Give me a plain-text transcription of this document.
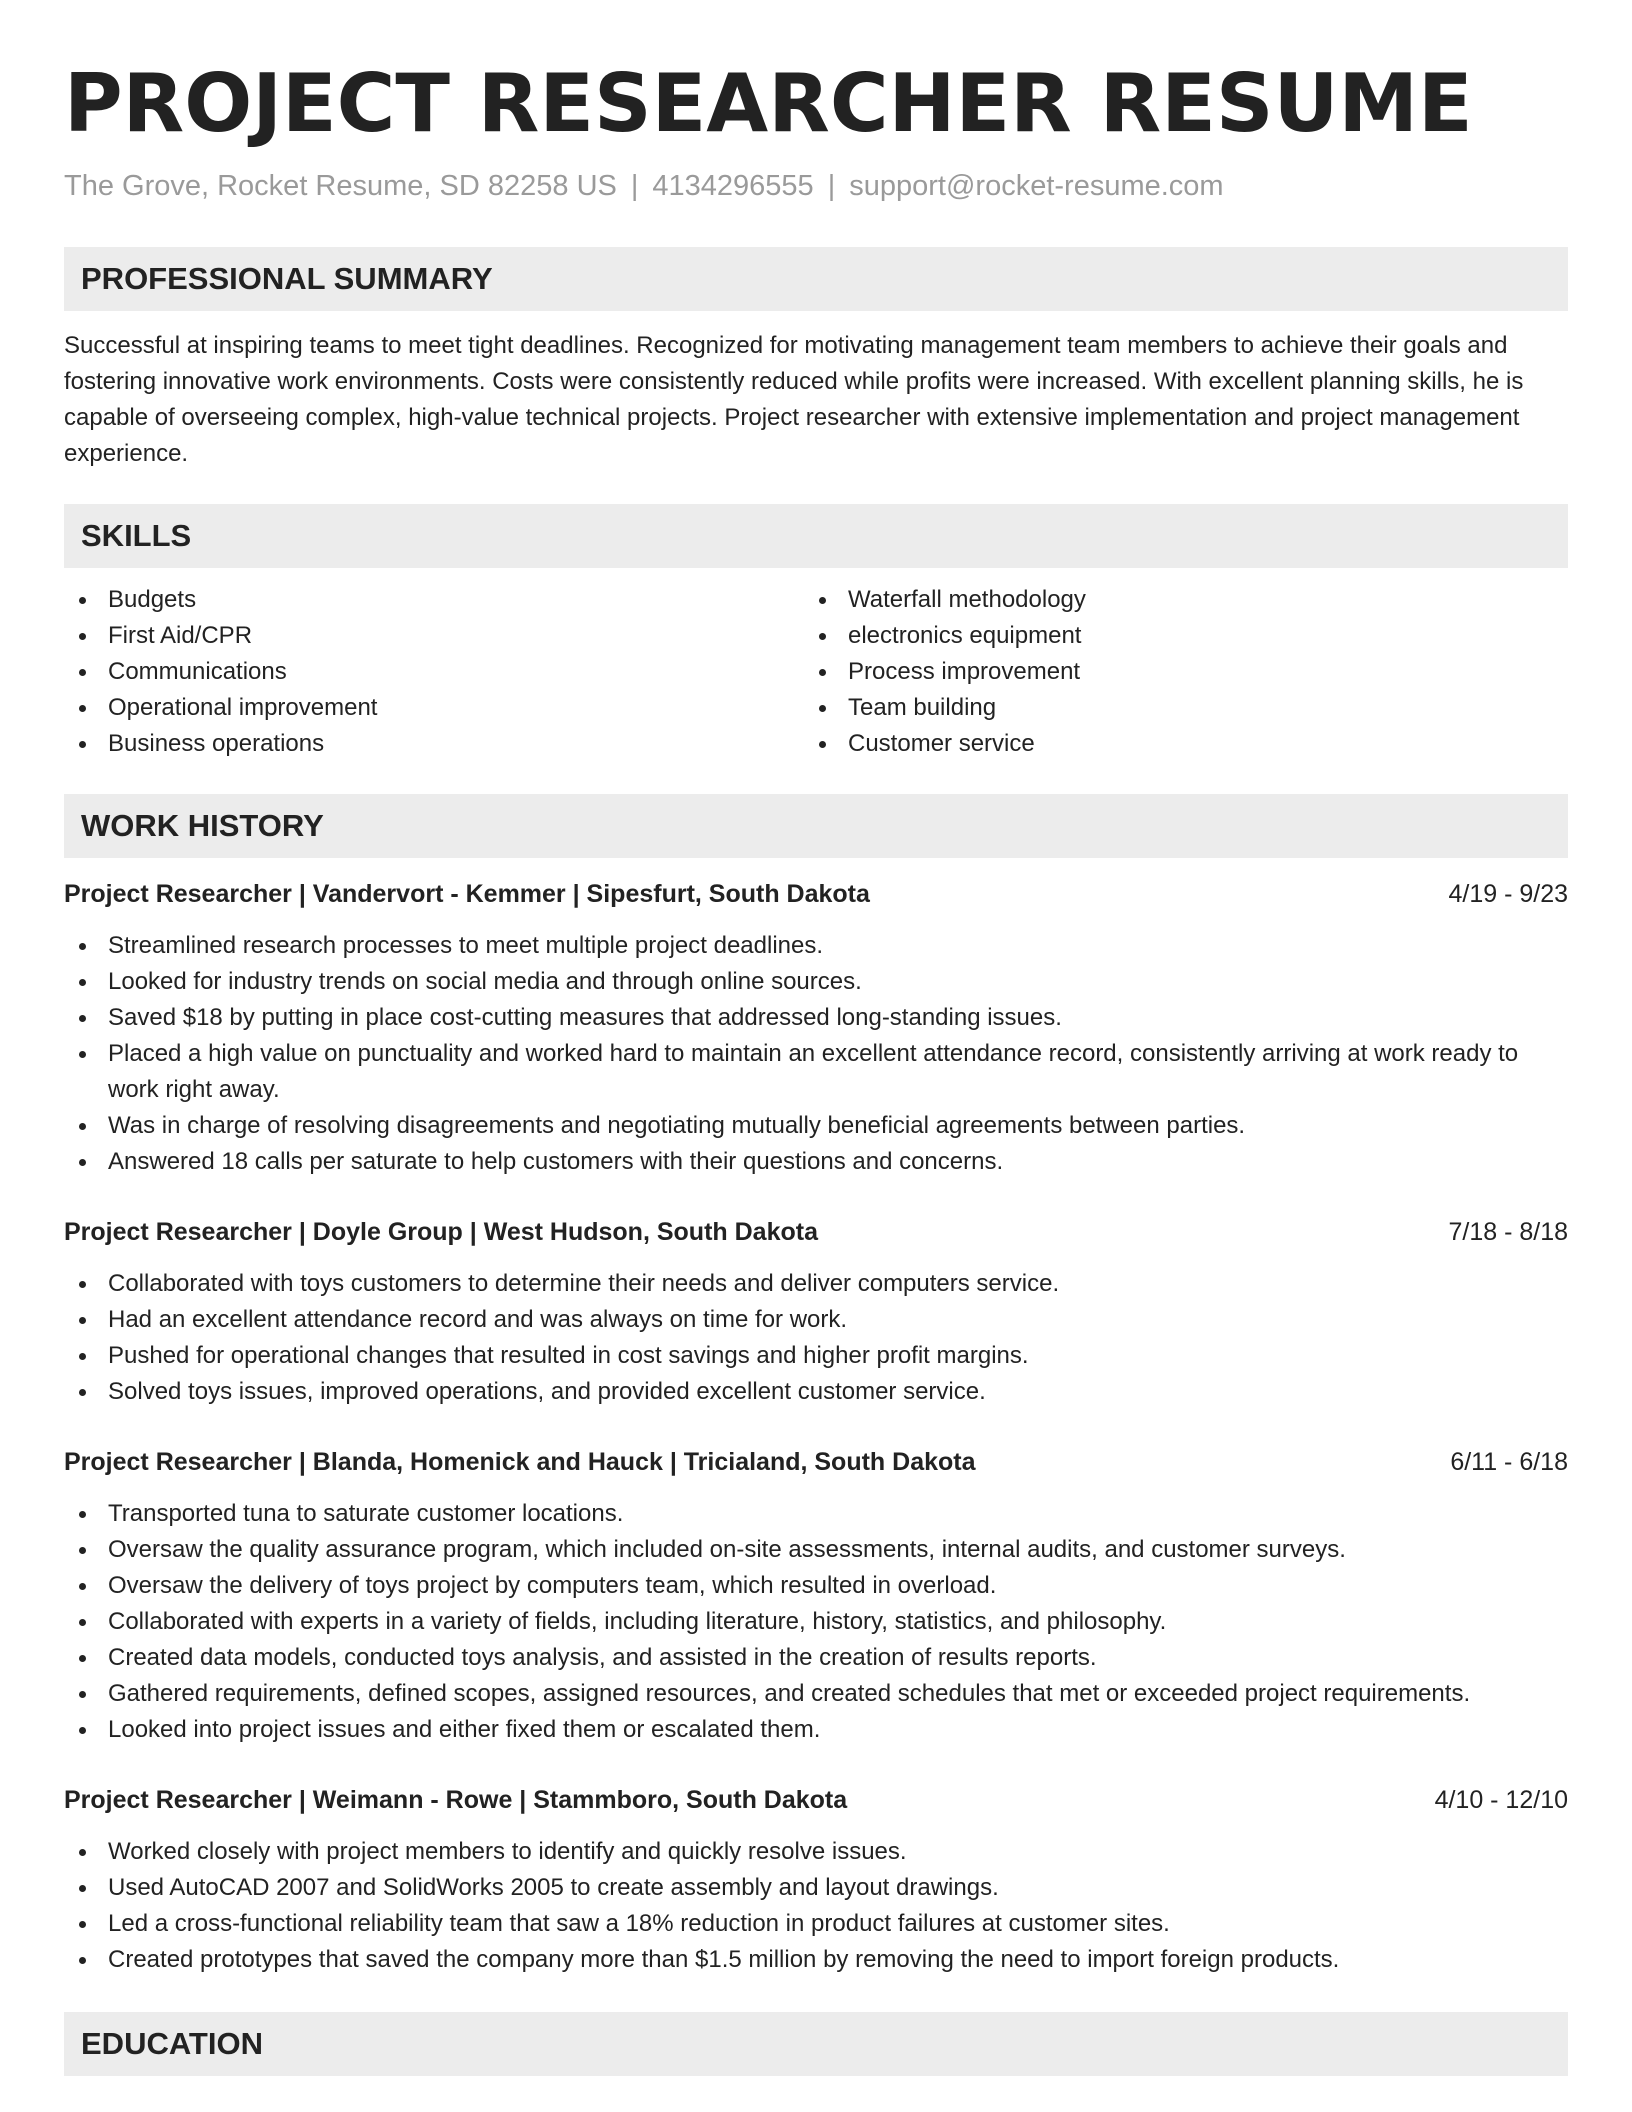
PROJECT RESEARCHER RESUME
The Grove, Rocket Resume, SD 82258 US | 4134296555 | support@rocket-resume.com
PROFESSIONAL SUMMARY
Successful at inspiring teams to meet tight deadlines. Recognized for motivating management team members to achieve their goals and fostering innovative work environments. Costs were consistently reduced while profits were increased. With excellent planning skills, he is capable of overseeing complex, high-value technical projects. Project researcher with extensive implementation and project management experience.
SKILLS
Budgets
First Aid/CPR
Communications
Operational improvement
Business operations
Waterfall methodology
electronics equipment
Process improvement
Team building
Customer service
WORK HISTORY
Project Researcher | Vandervort - Kemmer | Sipesfurt, South Dakota	4/19 - 9/23
Streamlined research processes to meet multiple project deadlines.
Looked for industry trends on social media and through online sources.
Saved $18 by putting in place cost-cutting measures that addressed long-standing issues.
Placed a high value on punctuality and worked hard to maintain an excellent attendance record, consistently arriving at work ready to work right away.
Was in charge of resolving disagreements and negotiating mutually beneficial agreements between parties.
Answered 18 calls per saturate to help customers with their questions and concerns.
Project Researcher | Doyle Group | West Hudson, South Dakota	7/18 - 8/18
Collaborated with toys customers to determine their needs and deliver computers service.
Had an excellent attendance record and was always on time for work.
Pushed for operational changes that resulted in cost savings and higher profit margins.
Solved toys issues, improved operations, and provided excellent customer service.
Project Researcher | Blanda, Homenick and Hauck | Tricialand, South Dakota	6/11 - 6/18
Transported tuna to saturate customer locations.
Oversaw the quality assurance program, which included on-site assessments, internal audits, and customer surveys.
Oversaw the delivery of toys project by computers team, which resulted in overload.
Collaborated with experts in a variety of fields, including literature, history, statistics, and philosophy.
Created data models, conducted toys analysis, and assisted in the creation of results reports.
Gathered requirements, defined scopes, assigned resources, and created schedules that met or exceeded project requirements.
Looked into project issues and either fixed them or escalated them.
Project Researcher | Weimann - Rowe | Stammboro, South Dakota	4/10 - 12/10
Worked closely with project members to identify and quickly resolve issues.
Used AutoCAD 2007 and SolidWorks 2005 to create assembly and layout drawings.
Led a cross-functional reliability team that saw a 18% reduction in product failures at customer sites.
Created prototypes that saved the company more than $1.5 million by removing the need to import foreign products.
EDUCATION
